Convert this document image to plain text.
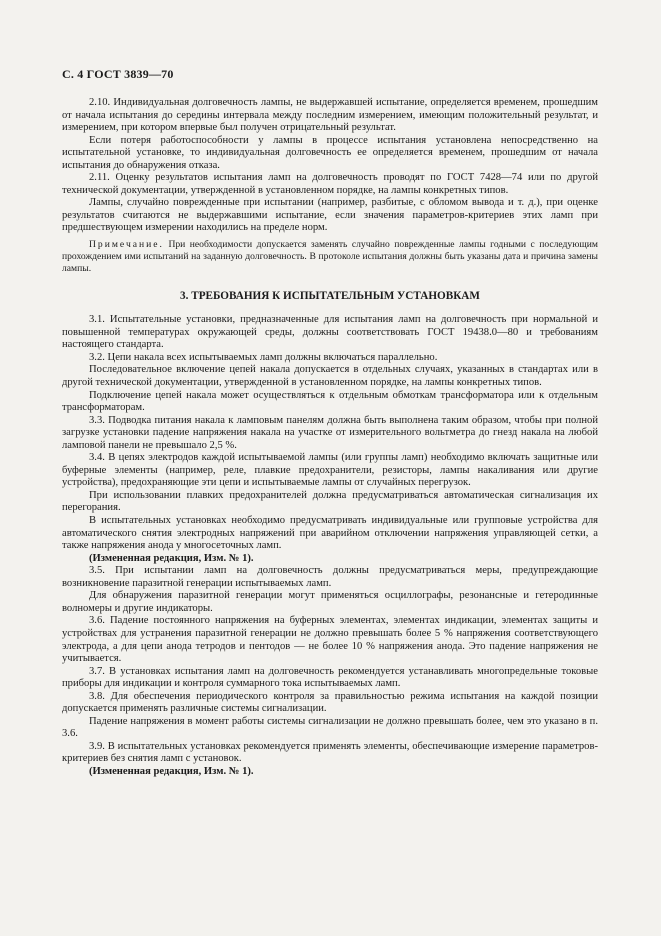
С. 4 ГОСТ 3839—70

2.10. Индивидуальная долговечность лампы, не выдержавшей испытание, определяется временем, прошедшим от начала испытания до середины интервала между последним измерением, имеющим положительный результат, и измерением, при котором впервые был получен отрицательный результат.

Если потеря работоспособности у лампы в процессе испытания установлена непосредственно на испытательной установке, то индивидуальная долговечность ее определяется временем, прошедшим от начала испытания до обнаружения отказа.

2.11. Оценку результатов испытания ламп на долговечность проводят по ГОСТ 7428—74 или по другой технической документации, утвержденной в установленном порядке, на лампы конкретных типов.

Лампы, случайно поврежденные при испытании (например, разбитые, с обломом вывода и т. д.), при оценке результатов считаются не выдержавшими испытание, если значения параметров-критериев этих ламп при предшествующем измерении находились на пределе норм.

Примечание. При необходимости допускается заменять случайно поврежденные лампы годными с последующим прохождением ими испытаний на заданную долговечность. В протоколе испытания должны быть указаны дата и причина замены лампы.

3. ТРЕБОВАНИЯ К ИСПЫТАТЕЛЬНЫМ УСТАНОВКАМ

3.1. Испытательные установки, предназначенные для испытания ламп на долговечность при нормальной и повышенной температурах окружающей среды, должны соответствовать ГОСТ 19438.0—80 и требованиям настоящего стандарта.

3.2. Цепи накала всех испытываемых ламп должны включаться параллельно.

Последовательное включение цепей накала допускается в отдельных случаях, указанных в стандартах или в другой технической документации, утвержденной в установленном порядке, на лампы конкретных типов.

Подключение цепей накала может осуществляться к отдельным обмоткам трансформатора или к отдельным трансформаторам.

3.3. Подводка питания накала к ламповым панелям должна быть выполнена таким образом, чтобы при полной загрузке установки падение напряжения накала на участке от измерительного вольтметра до гнезд накала на любой ламповой панели не превышало 2,5 %.

3.4. В цепях электродов каждой испытываемой лампы (или группы ламп) необходимо включать защитные или буферные элементы (например, реле, плавкие предохранители, резисторы, лампы накаливания или другие устройства), предохраняющие эти цепи и испытываемые лампы от случайных перегрузок.

При использовании плавких предохранителей должна предусматриваться автоматическая сигнализация их перегорания.

В испытательных установках необходимо предусматривать индивидуальные или групповые устройства для автоматического снятия электродных напряжений при аварийном отключении напряжения управляющей сетки, а также напряжения анода у многосеточных ламп.

(Измененная редакция, Изм. № 1).

3.5. При испытании ламп на долговечность должны предусматриваться меры, предупреждающие возникновение паразитной генерации испытываемых ламп.

Для обнаружения паразитной генерации могут применяться осциллографы, резонансные и гетеродинные волномеры и другие индикаторы.

3.6. Падение постоянного напряжения на буферных элементах, элементах индикации, элементах защиты и устройствах для устранения паразитной генерации не должно превышать более 5 % напряжения соответствующего электрода, а для цепи анода тетродов и пентодов — не более 10 % напряжения анода. Это падение напряжения не учитывается.

3.7. В установках испытания ламп на долговечность рекомендуется устанавливать многопредельные токовые приборы для индикации и контроля суммарного тока испытываемых ламп.

3.8. Для обеспечения периодического контроля за правильностью режима испытания на каждой позиции допускается применять различные системы сигнализации.

Падение напряжения в момент работы системы сигнализации не должно превышать более, чем это указано в п. 3.6.

3.9. В испытательных установках рекомендуется применять элементы, обеспечивающие измерение параметров-критериев без снятия ламп с установок.

(Измененная редакция, Изм. № 1).
